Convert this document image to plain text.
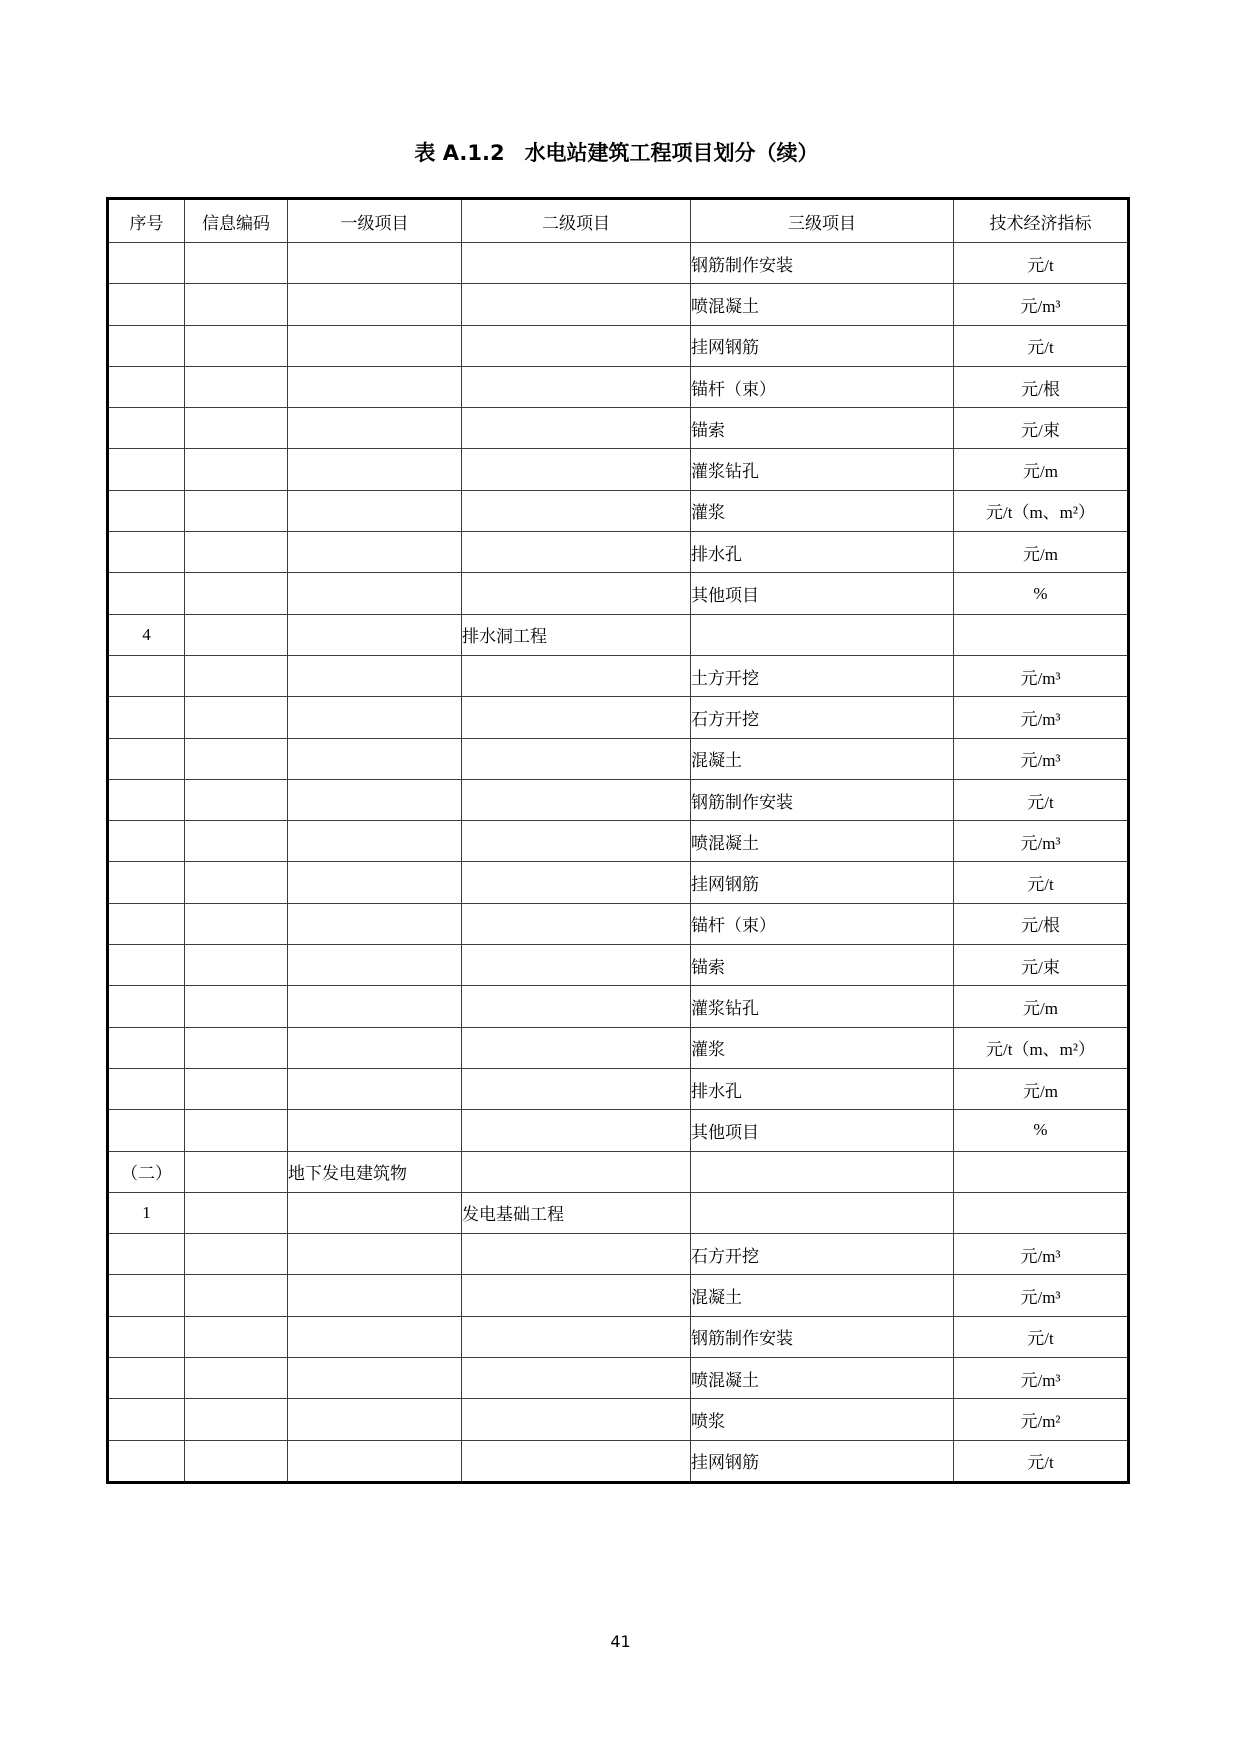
表 A.1.2 水电站建筑工程项目划分（续）
序号	信息编码	一级项目	二级项目	三级项目	技术经济指标
				钢筋制作安装	元/t
				喷混凝土	元/m³
				挂网钢筋	元/t
				锚杆（束）	元/根
				锚索	元/束
				灌浆钻孔	元/m
				灌浆	元/t（m、m²）
				排水孔	元/m
				其他项目	%
4			排水洞工程		
				土方开挖	元/m³
				石方开挖	元/m³
				混凝土	元/m³
				钢筋制作安装	元/t
				喷混凝土	元/m³
				挂网钢筋	元/t
				锚杆（束）	元/根
				锚索	元/束
				灌浆钻孔	元/m
				灌浆	元/t（m、m²）
				排水孔	元/m
				其他项目	%
（二）		地下发电建筑物			
1			发电基础工程		
				石方开挖	元/m³
				混凝土	元/m³
				钢筋制作安装	元/t
				喷混凝土	元/m³
				喷浆	元/m²
				挂网钢筋	元/t
41
